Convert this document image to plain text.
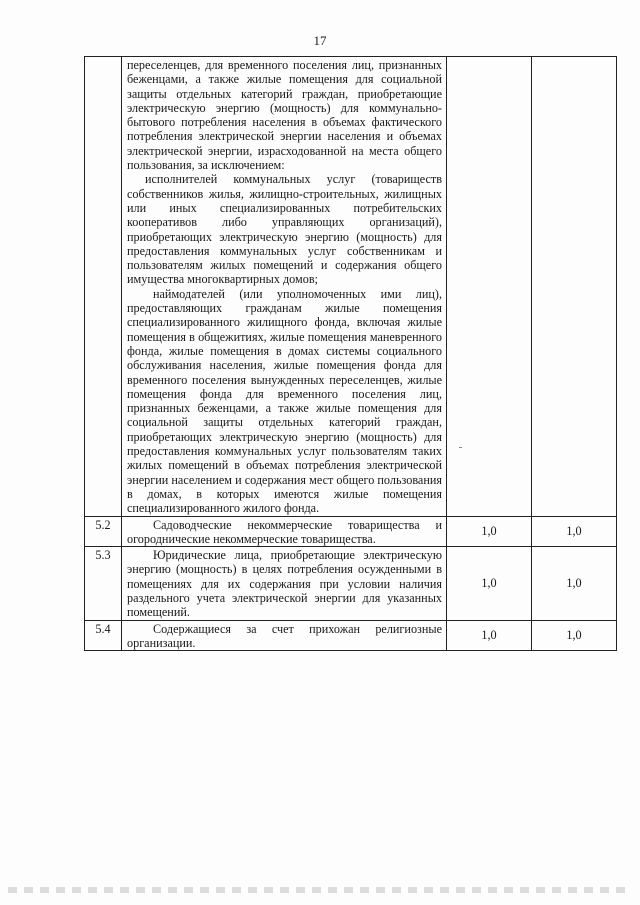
17

	переселенцев, для временного поселения лиц, признанных беженцами, а также жилые помещения для социальной защиты отдельных категорий граждан, приобретающие электрическую энергию (мощность) для коммунально-бытового потребления населения в объемах фактического потребления электрической энергии населения и объемах электрической энергии, израсходованной на места общего пользования, за исключением:
исполнителей коммунальных услуг (товариществ собственников жилья, жилищно-строительных, жилищных или иных специализированных потребительских кооперативов либо управляющих организаций), приобретающих электрическую энергию (мощность) для предоставления коммунальных услуг собственникам и пользователям жилых помещений и содержания общего имущества многоквартирных домов;
наймодателей (или уполномоченных ими лиц), предоставляющих гражданам жилые помещения специализированного жилищного фонда, включая жилые помещения в общежитиях, жилые помещения маневренного фонда, жилые помещения в домах системы социального обслуживания населения, жилые помещения фонда для временного поселения вынужденных переселенцев, жилые помещения фонда для временного поселения лиц, признанных беженцами, а также жилые помещения для социальной защиты отдельных категорий граждан, приобретающих электрическую энергию (мощность) для предоставления коммунальных услуг пользователям таких жилых помещений в объемах потребления электрической энергии населением и содержания мест общего пользования в домах, в которых имеются жилые помещения специализированного жилого фонда.		

5.2	Садоводческие некоммерческие товарищества и огороднические некоммерческие товарищества.	1,0	1,0
5.3	Юридические лица, приобретающие электрическую энергию (мощность) в целях потребления осужденными в помещениях для их содержания при условии наличия раздельного учета электрической энергии для указанных помещений.	1,0	1,0
5.4	Содержащиеся за счет прихожан религиозные организации.	1,0	1,0
